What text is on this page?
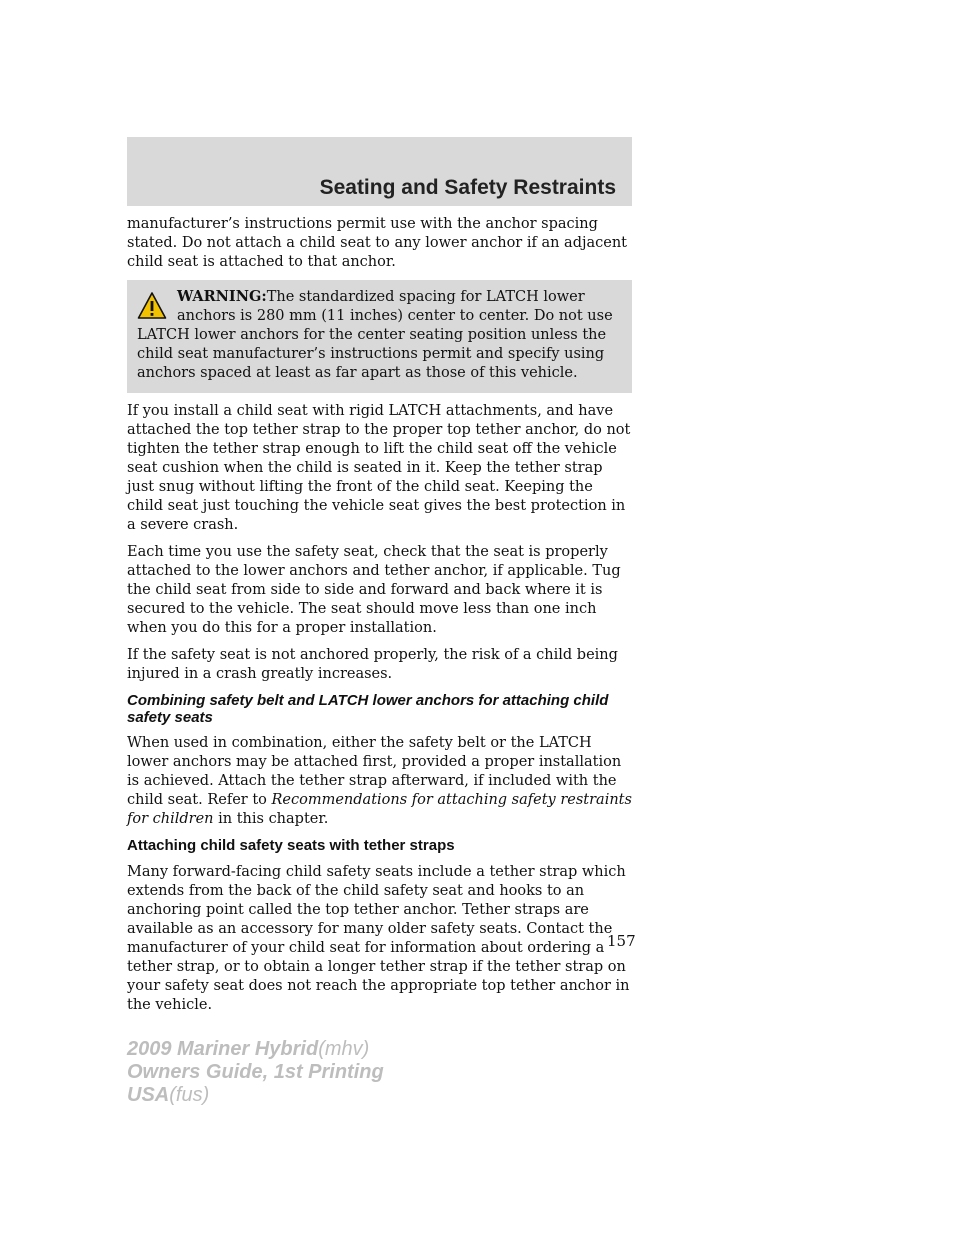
Seating and Safety Restraints

manufacturer’s instructions permit use with the anchor spacing stated. Do not attach a child seat to any lower anchor if an adjacent child seat is attached to that anchor.

WARNING:The standardized spacing for LATCH lower anchors is 280 mm (11 inches) center to center. Do not use LATCH lower anchors for the center seating position unless the child seat manufacturer’s instructions permit and specify using anchors spaced at least as far apart as those of this vehicle.

If you install a child seat with rigid LATCH attachments, and have attached the top tether strap to the proper top tether anchor, do not tighten the tether strap enough to lift the child seat off the vehicle seat cushion when the child is seated in it. Keep the tether strap just snug without lifting the front of the child seat. Keeping the child seat just touching the vehicle seat gives the best protection in a severe crash.

Each time you use the safety seat, check that the seat is properly attached to the lower anchors and tether anchor, if applicable. Tug the child seat from side to side and forward and back where it is secured to the vehicle. The seat should move less than one inch when you do this for a proper installation.

If the safety seat is not anchored properly, the risk of a child being injured in a crash greatly increases.

Combining safety belt and LATCH lower anchors for attaching child safety seats

When used in combination, either the safety belt or the LATCH lower anchors may be attached first, provided a proper installation is achieved. Attach the tether strap afterward, if included with the child seat. Refer to Recommendations for attaching safety restraints for children in this chapter.

Attaching child safety seats with tether straps

Many forward-facing child safety seats include a tether strap which extends from the back of the child safety seat and hooks to an anchoring point called the top tether anchor. Tether straps are available as an accessory for many older safety seats. Contact the manufacturer of your child seat for information about ordering a tether strap, or to obtain a longer tether strap if the tether strap on your safety seat does not reach the appropriate top tether anchor in the vehicle.

157
2009 Mariner Hybrid(mhv)
Owners Guide, 1st Printing
USA(fus)
